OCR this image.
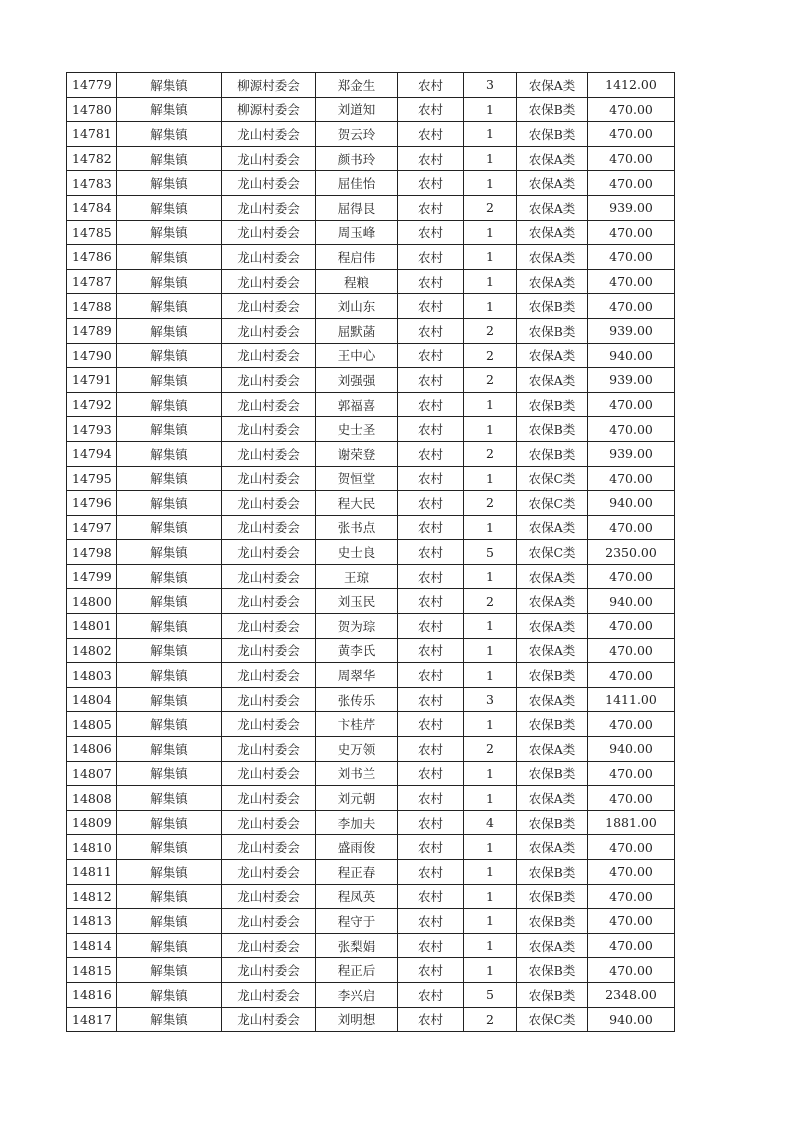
14779	解集镇	柳源村委会	郑金生	农村	3	农保A类	1412.00
14780	解集镇	柳源村委会	刘道知	农村	1	农保B类	470.00
14781	解集镇	龙山村委会	贺云玲	农村	1	农保B类	470.00
14782	解集镇	龙山村委会	颜书玲	农村	1	农保A类	470.00
14783	解集镇	龙山村委会	屈佳怡	农村	1	农保A类	470.00
14784	解集镇	龙山村委会	屈得艮	农村	2	农保A类	939.00
14785	解集镇	龙山村委会	周玉峰	农村	1	农保A类	470.00
14786	解集镇	龙山村委会	程启伟	农村	1	农保A类	470.00
14787	解集镇	龙山村委会	程粮	农村	1	农保A类	470.00
14788	解集镇	龙山村委会	刘山东	农村	1	农保B类	470.00
14789	解集镇	龙山村委会	屈默菡	农村	2	农保B类	939.00
14790	解集镇	龙山村委会	王中心	农村	2	农保A类	940.00
14791	解集镇	龙山村委会	刘强强	农村	2	农保A类	939.00
14792	解集镇	龙山村委会	郭福喜	农村	1	农保B类	470.00
14793	解集镇	龙山村委会	史士圣	农村	1	农保B类	470.00
14794	解集镇	龙山村委会	谢荣登	农村	2	农保B类	939.00
14795	解集镇	龙山村委会	贺恒堂	农村	1	农保C类	470.00
14796	解集镇	龙山村委会	程大民	农村	2	农保C类	940.00
14797	解集镇	龙山村委会	张书点	农村	1	农保A类	470.00
14798	解集镇	龙山村委会	史士良	农村	5	农保C类	2350.00
14799	解集镇	龙山村委会	王琼	农村	1	农保A类	470.00
14800	解集镇	龙山村委会	刘玉民	农村	2	农保A类	940.00
14801	解集镇	龙山村委会	贺为琮	农村	1	农保A类	470.00
14802	解集镇	龙山村委会	黄李氏	农村	1	农保A类	470.00
14803	解集镇	龙山村委会	周翠华	农村	1	农保B类	470.00
14804	解集镇	龙山村委会	张传乐	农村	3	农保A类	1411.00
14805	解集镇	龙山村委会	卞桂芹	农村	1	农保B类	470.00
14806	解集镇	龙山村委会	史万领	农村	2	农保A类	940.00
14807	解集镇	龙山村委会	刘书兰	农村	1	农保B类	470.00
14808	解集镇	龙山村委会	刘元朝	农村	1	农保A类	470.00
14809	解集镇	龙山村委会	李加夫	农村	4	农保B类	1881.00
14810	解集镇	龙山村委会	盛雨俊	农村	1	农保A类	470.00
14811	解集镇	龙山村委会	程正春	农村	1	农保B类	470.00
14812	解集镇	龙山村委会	程凤英	农村	1	农保B类	470.00
14813	解集镇	龙山村委会	程守于	农村	1	农保B类	470.00
14814	解集镇	龙山村委会	张梨娟	农村	1	农保A类	470.00
14815	解集镇	龙山村委会	程正后	农村	1	农保B类	470.00
14816	解集镇	龙山村委会	李兴启	农村	5	农保B类	2348.00
14817	解集镇	龙山村委会	刘明想	农村	2	农保C类	940.00
